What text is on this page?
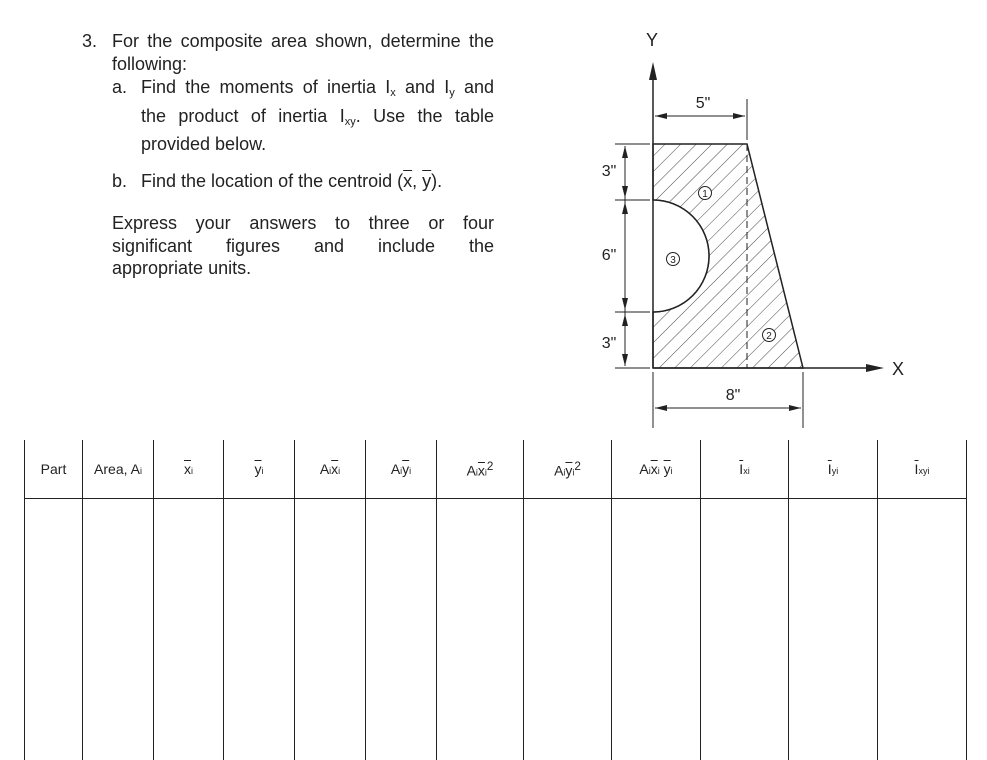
3. For the composite area shown, determine the following:
a. Find the moments of inertia Ix and Iy and
the product of inertia Ixy. Use the table
provided below.
b. Find the location of the centroid ($\overline{x}$, $\overline{y}$).
Express your answers to three or four
significant figures and include the
appropriate units.
Y
X
5"
8"
3"
6"
3"
1
2
3
Part	Area, Ai	$\overline{x}i$	$\overline{y}i$	$Ai\overline{x}i$	$Ai\overline{y}i$	$Ai\overline{x}i^2$	$Ai\overline{y}i^2$	$Ai\overline{x}i$ $\overline{y}i$	$\overline{I}xi$	$\overline{I}yi$	$\overline{I}xyi$
